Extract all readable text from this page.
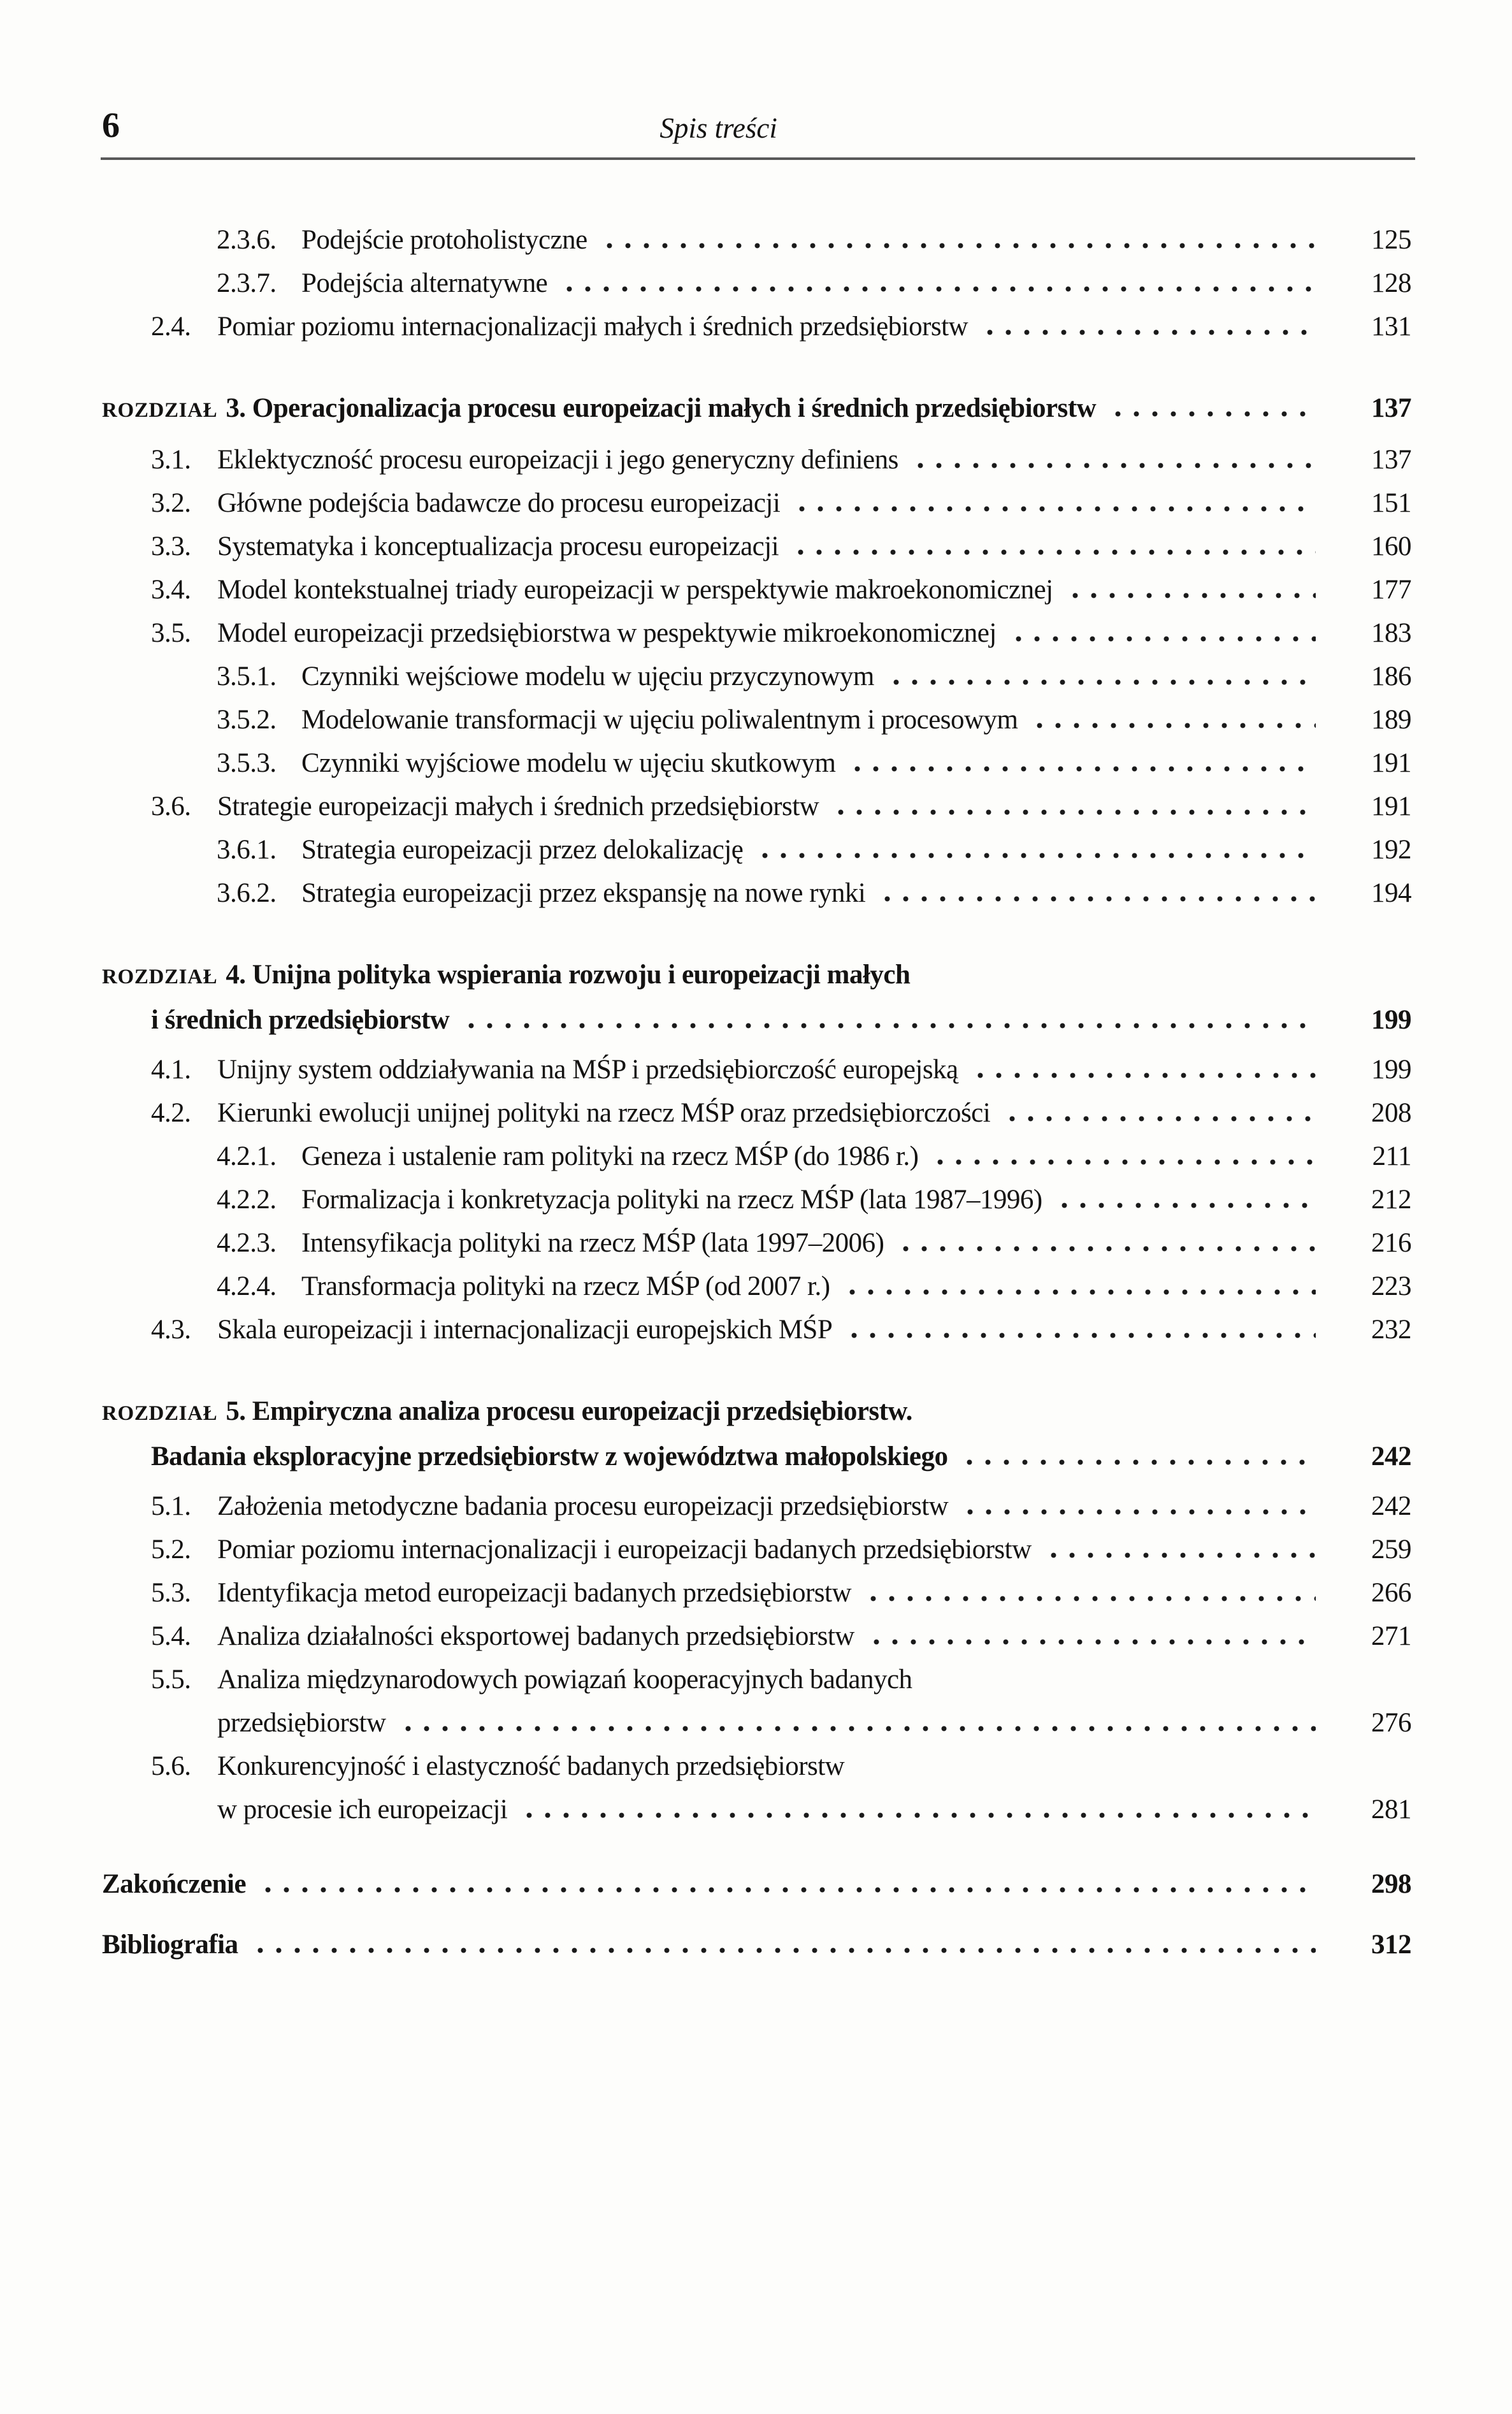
6	Spis treści
2.3.6. Podejście protoholistyczne	125
2.3.7. Podejścia alternatywne	128
2.4. Pomiar poziomu internacjonalizacji małych i średnich przedsiębiorstw	131
ROZDZIAŁ 3. Operacjonalizacja procesu europeizacji małych i średnich przedsiębiorstw	137
3.1. Eklektyczność procesu europeizacji i jego generyczny definiens	137
3.2. Główne podejścia badawcze do procesu europeizacji	151
3.3. Systematyka i konceptualizacja procesu europeizacji	160
3.4. Model kontekstualnej triady europeizacji w perspektywie makroekonomicznej	177
3.5. Model europeizacji przedsiębiorstwa w pespektywie mikroekonomicznej	183
3.5.1. Czynniki wejściowe modelu w ujęciu przyczynowym	186
3.5.2. Modelowanie transformacji w ujęciu poliwalentnym i procesowym	189
3.5.3. Czynniki wyjściowe modelu w ujęciu skutkowym	191
3.6. Strategie europeizacji małych i średnich przedsiębiorstw	191
3.6.1. Strategia europeizacji przez delokalizację	192
3.6.2. Strategia europeizacji przez ekspansję na nowe rynki	194
ROZDZIAŁ 4. Unijna polityka wspierania rozwoju i europeizacji małych
i średnich przedsiębiorstw	199
4.1. Unijny system oddziaływania na MŚP i przedsiębiorczość europejską	199
4.2. Kierunki ewolucji unijnej polityki na rzecz MŚP oraz przedsiębiorczości	208
4.2.1. Geneza i ustalenie ram polityki na rzecz MŚP (do 1986 r.)	211
4.2.2. Formalizacja i konkretyzacja polityki na rzecz MŚP (lata 1987–1996)	212
4.2.3. Intensyfikacja polityki na rzecz MŚP (lata 1997–2006)	216
4.2.4. Transformacja polityki na rzecz MŚP (od 2007 r.)	223
4.3. Skala europeizacji i internacjonalizacji europejskich MŚP	232
ROZDZIAŁ 5. Empiryczna analiza procesu europeizacji przedsiębiorstw.
Badania eksploracyjne przedsiębiorstw z województwa małopolskiego	242
5.1. Założenia metodyczne badania procesu europeizacji przedsiębiorstw	242
5.2. Pomiar poziomu internacjonalizacji i europeizacji badanych przedsiębiorstw	259
5.3. Identyfikacja metod europeizacji badanych przedsiębiorstw	266
5.4. Analiza działalności eksportowej badanych przedsiębiorstw	271
5.5. Analiza międzynarodowych powiązań kooperacyjnych badanych
przedsiębiorstw	276
5.6. Konkurencyjność i elastyczność badanych przedsiębiorstw
w procesie ich europeizacji	281
Zakończenie	298
Bibliografia	312
